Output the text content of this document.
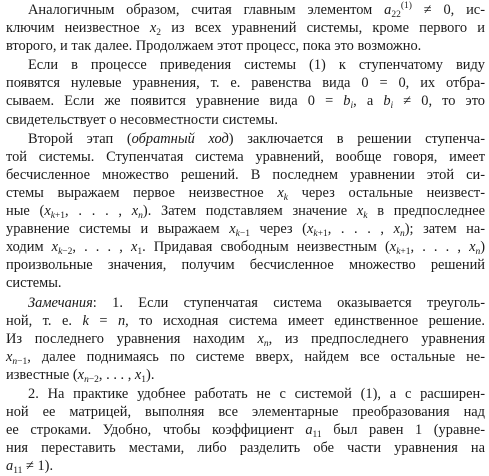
Аналогичным образом, считая главным элементом $a_{22}^{(1)} \ne 0$, ис-
ключим неизвестное $x_2$ из всех уравнений системы, кроме первого и
второго, и так далее. Продолжаем этот процесс, пока это возможно.
Если в процессе приведения системы (1) к ступенчатому виду
появятся нулевые уравнения, т. е. равенства вида 0 = 0, их отбра-
сываем. Если же появится уравнение вида $0 = b_i$, а $b_i \ne 0$, то это
свидетельствует о несовместности системы.
Второй этап (обратный ход) заключается в решении ступенча-
той системы. Ступенчатая система уравнений, вообще говоря, имеет
бесчисленное множество решений. В последнем уравнении этой си-
стемы выражаем первое неизвестное $x_k$ через остальные неизвест-
ные ($x_{k+1}$, . . . , $x_n$). Затем подставляем значение $x_k$ в предпоследнее
уравнение системы и выражаем $x_{k-1}$ через ($x_{k+1}$, . . . , $x_n$); затем на-
ходим $x_{k-2}$, . . . , $x_1$. Придавая свободным неизвестным ($x_{k+1}$, . . . , $x_n$)
произвольные значения, получим бесчисленное множество решений
системы.
Замечания: 1. Если ступенчатая система оказывается треуголь-
ной, т. е. k = n, то исходная система имеет единственное решение.
Из последнего уравнения находим $x_n$, из предпоследнего уравнения
$x_{n-1}$, далее поднимаясь по системе вверх, найдем все остальные не-
известные ($x_{n-2}$, . . . , $x_1$).
2. На практике удобнее работать не с системой (1), а с расширен-
ной ее матрицей, выполняя все элементарные преобразования над
ее строками. Удобно, чтобы коэффициент $a_{11}$ был равен 1 (уравне-
ния переставить местами, либо разделить обе части уравнения на
$a_{11} \ne 1$).
